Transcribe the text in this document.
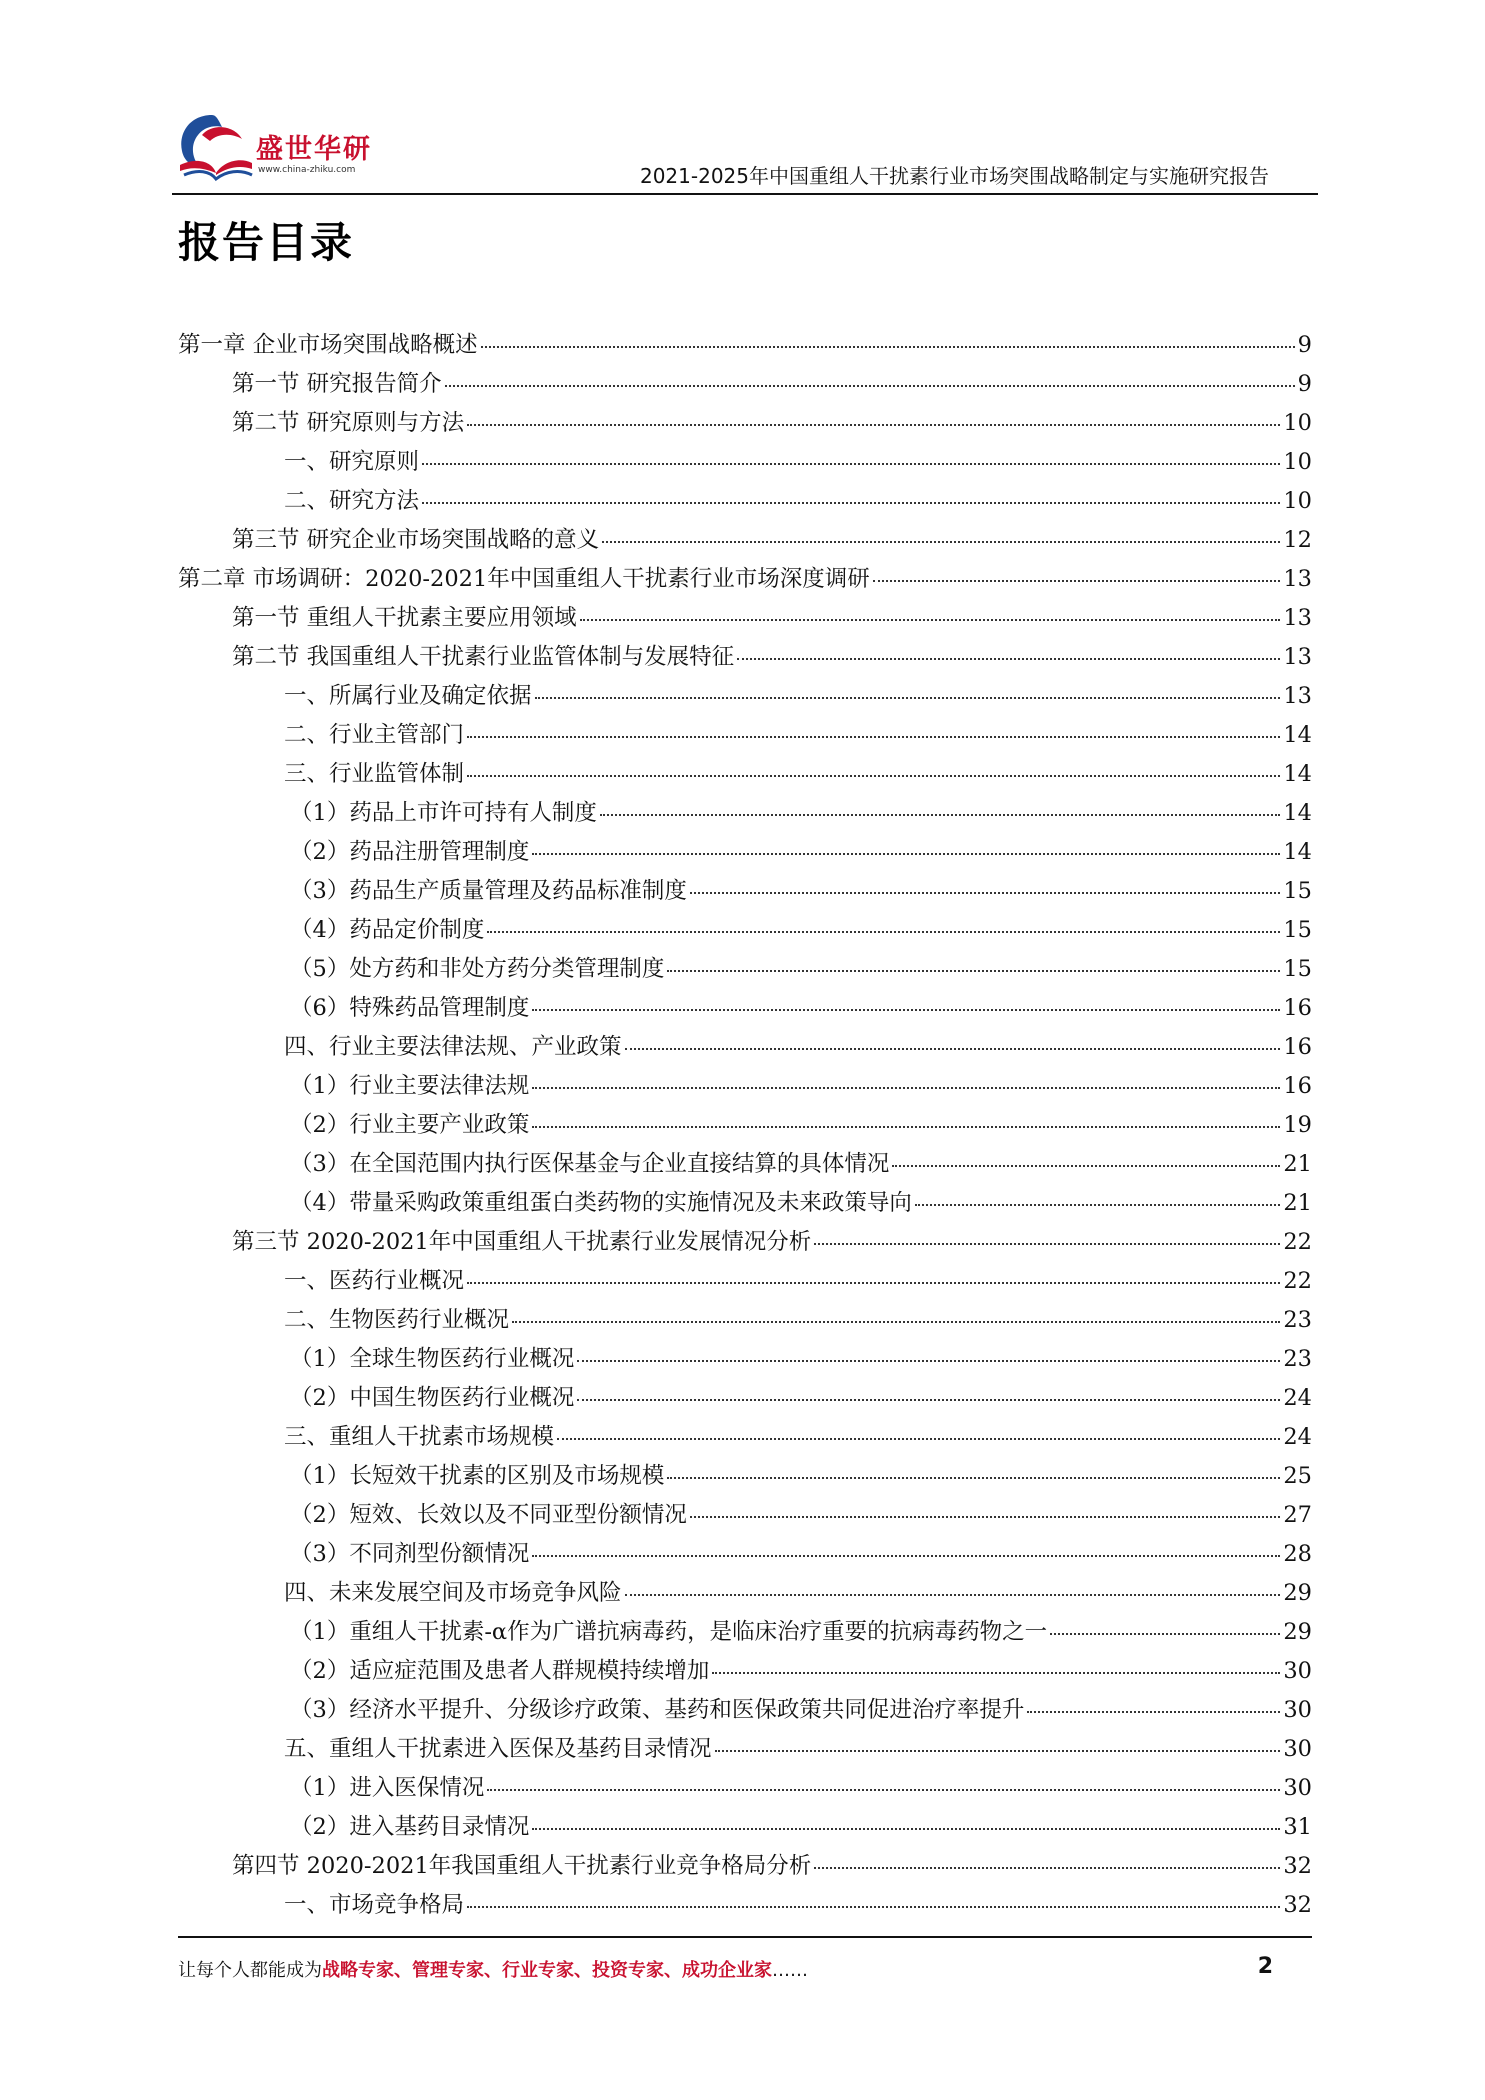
盛世华研
www.china-zhiku.com	2021-2025年中国重组人干扰素行业市场突围战略制定与实施研究报告
报告目录
第一章 企业市场突围战略概述	9
第一节 研究报告简介	9
第二节 研究原则与方法	10
一、研究原则	10
二、研究方法	10
第三节 研究企业市场突围战略的意义	12
第二章 市场调研：2020-2021年中国重组人干扰素行业市场深度调研	13
第一节 重组人干扰素主要应用领域	13
第二节 我国重组人干扰素行业监管体制与发展特征	13
一、所属行业及确定依据	13
二、行业主管部门	14
三、行业监管体制	14
（1）药品上市许可持有人制度	14
（2）药品注册管理制度	14
（3）药品生产质量管理及药品标准制度	15
（4）药品定价制度	15
（5）处方药和非处方药分类管理制度	15
（6）特殊药品管理制度	16
四、行业主要法律法规、产业政策	16
（1）行业主要法律法规	16
（2）行业主要产业政策	19
（3）在全国范围内执行医保基金与企业直接结算的具体情况	21
（4）带量采购政策重组蛋白类药物的实施情况及未来政策导向	21
第三节 2020-2021年中国重组人干扰素行业发展情况分析	22
一、医药行业概况	22
二、生物医药行业概况	23
（1）全球生物医药行业概况	23
（2）中国生物医药行业概况	24
三、重组人干扰素市场规模	24
（1）长短效干扰素的区别及市场规模	25
（2）短效、长效以及不同亚型份额情况	27
（3）不同剂型份额情况	28
四、未来发展空间及市场竞争风险	29
（1）重组人干扰素-α作为广谱抗病毒药，是临床治疗重要的抗病毒药物之一	29
（2）适应症范围及患者人群规模持续增加	30
（3）经济水平提升、分级诊疗政策、基药和医保政策共同促进治疗率提升	30
五、重组人干扰素进入医保及基药目录情况	30
（1）进入医保情况	30
（2）进入基药目录情况	31
第四节 2020-2021年我国重组人干扰素行业竞争格局分析	32
一、市场竞争格局	32
让每个人都能成为战略专家、管理专家、行业专家、投资专家、成功企业家……	2
